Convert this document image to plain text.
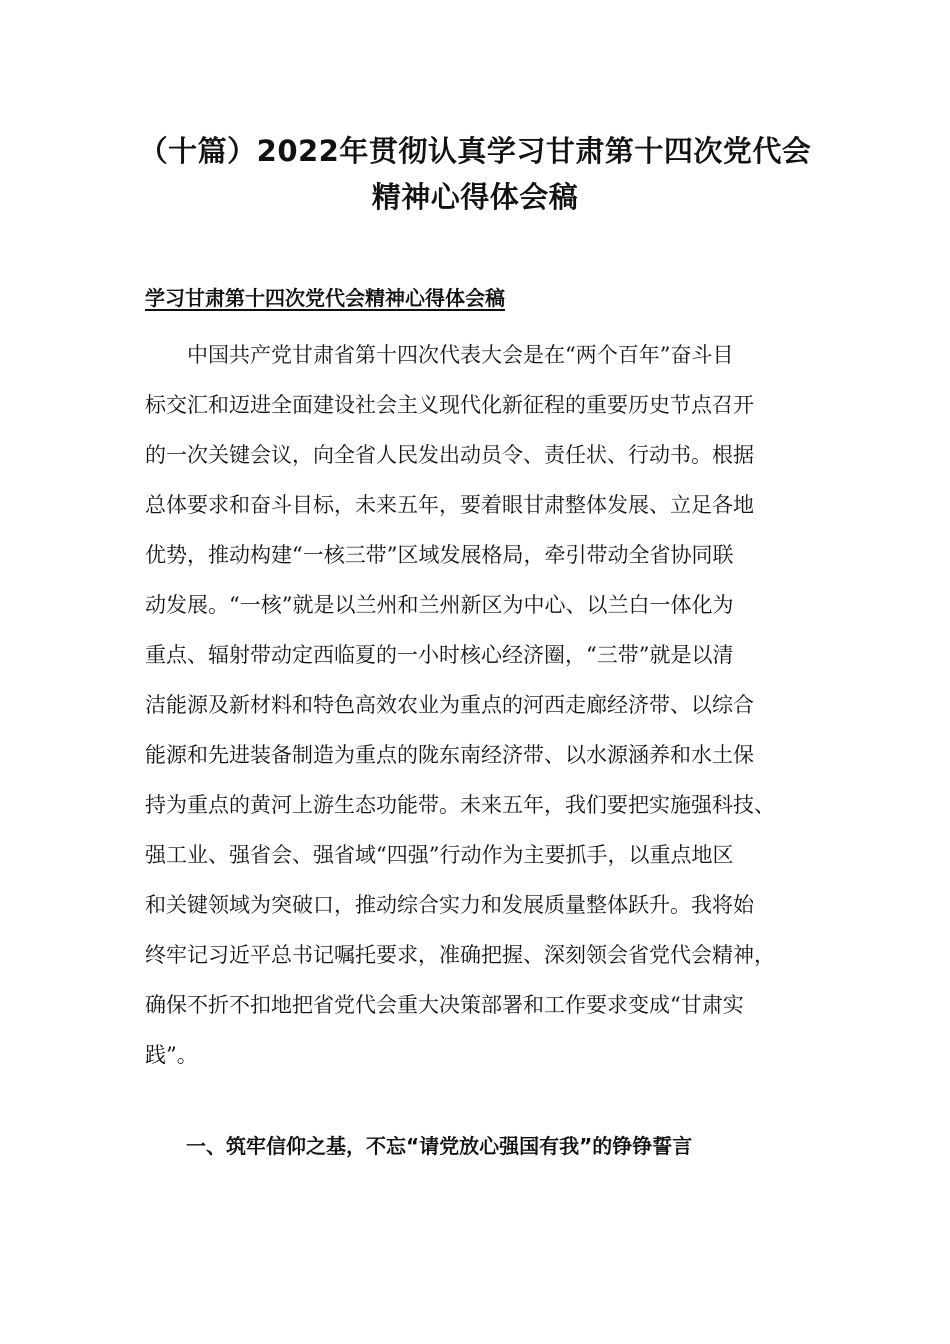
（十篇）2022年贯彻认真学习甘肃第十四次党代会
精神心得体会稿
学习甘肃第十四次党代会精神心得体会稿
中国共产党甘肃省第十四次代表大会是在“两个百年”奋斗目
标交汇和迈进全面建设社会主义现代化新征程的重要历史节点召开
的一次关键会议，向全省人民发出动员令、责任状、行动书。根据
总体要求和奋斗目标，未来五年，要着眼甘肃整体发展、立足各地
优势，推动构建“一核三带”区域发展格局，牵引带动全省协同联
动发展。“一核”就是以兰州和兰州新区为中心、以兰白一体化为
重点、辐射带动定西临夏的一小时核心经济圈，“三带”就是以清
洁能源及新材料和特色高效农业为重点的河西走廊经济带、以综合
能源和先进装备制造为重点的陇东南经济带、以水源涵养和水土保
持为重点的黄河上游生态功能带。未来五年，我们要把实施强科技、
强工业、强省会、强省域“四强”行动作为主要抓手，以重点地区
和关键领域为突破口，推动综合实力和发展质量整体跃升。我将始
终牢记习近平总书记嘱托要求，准确把握、深刻领会省党代会精神，
确保不折不扣地把省党代会重大决策部署和工作要求变成“甘肃实
践”。
一、筑牢信仰之基，不忘“请党放心强国有我”的铮铮誓言
